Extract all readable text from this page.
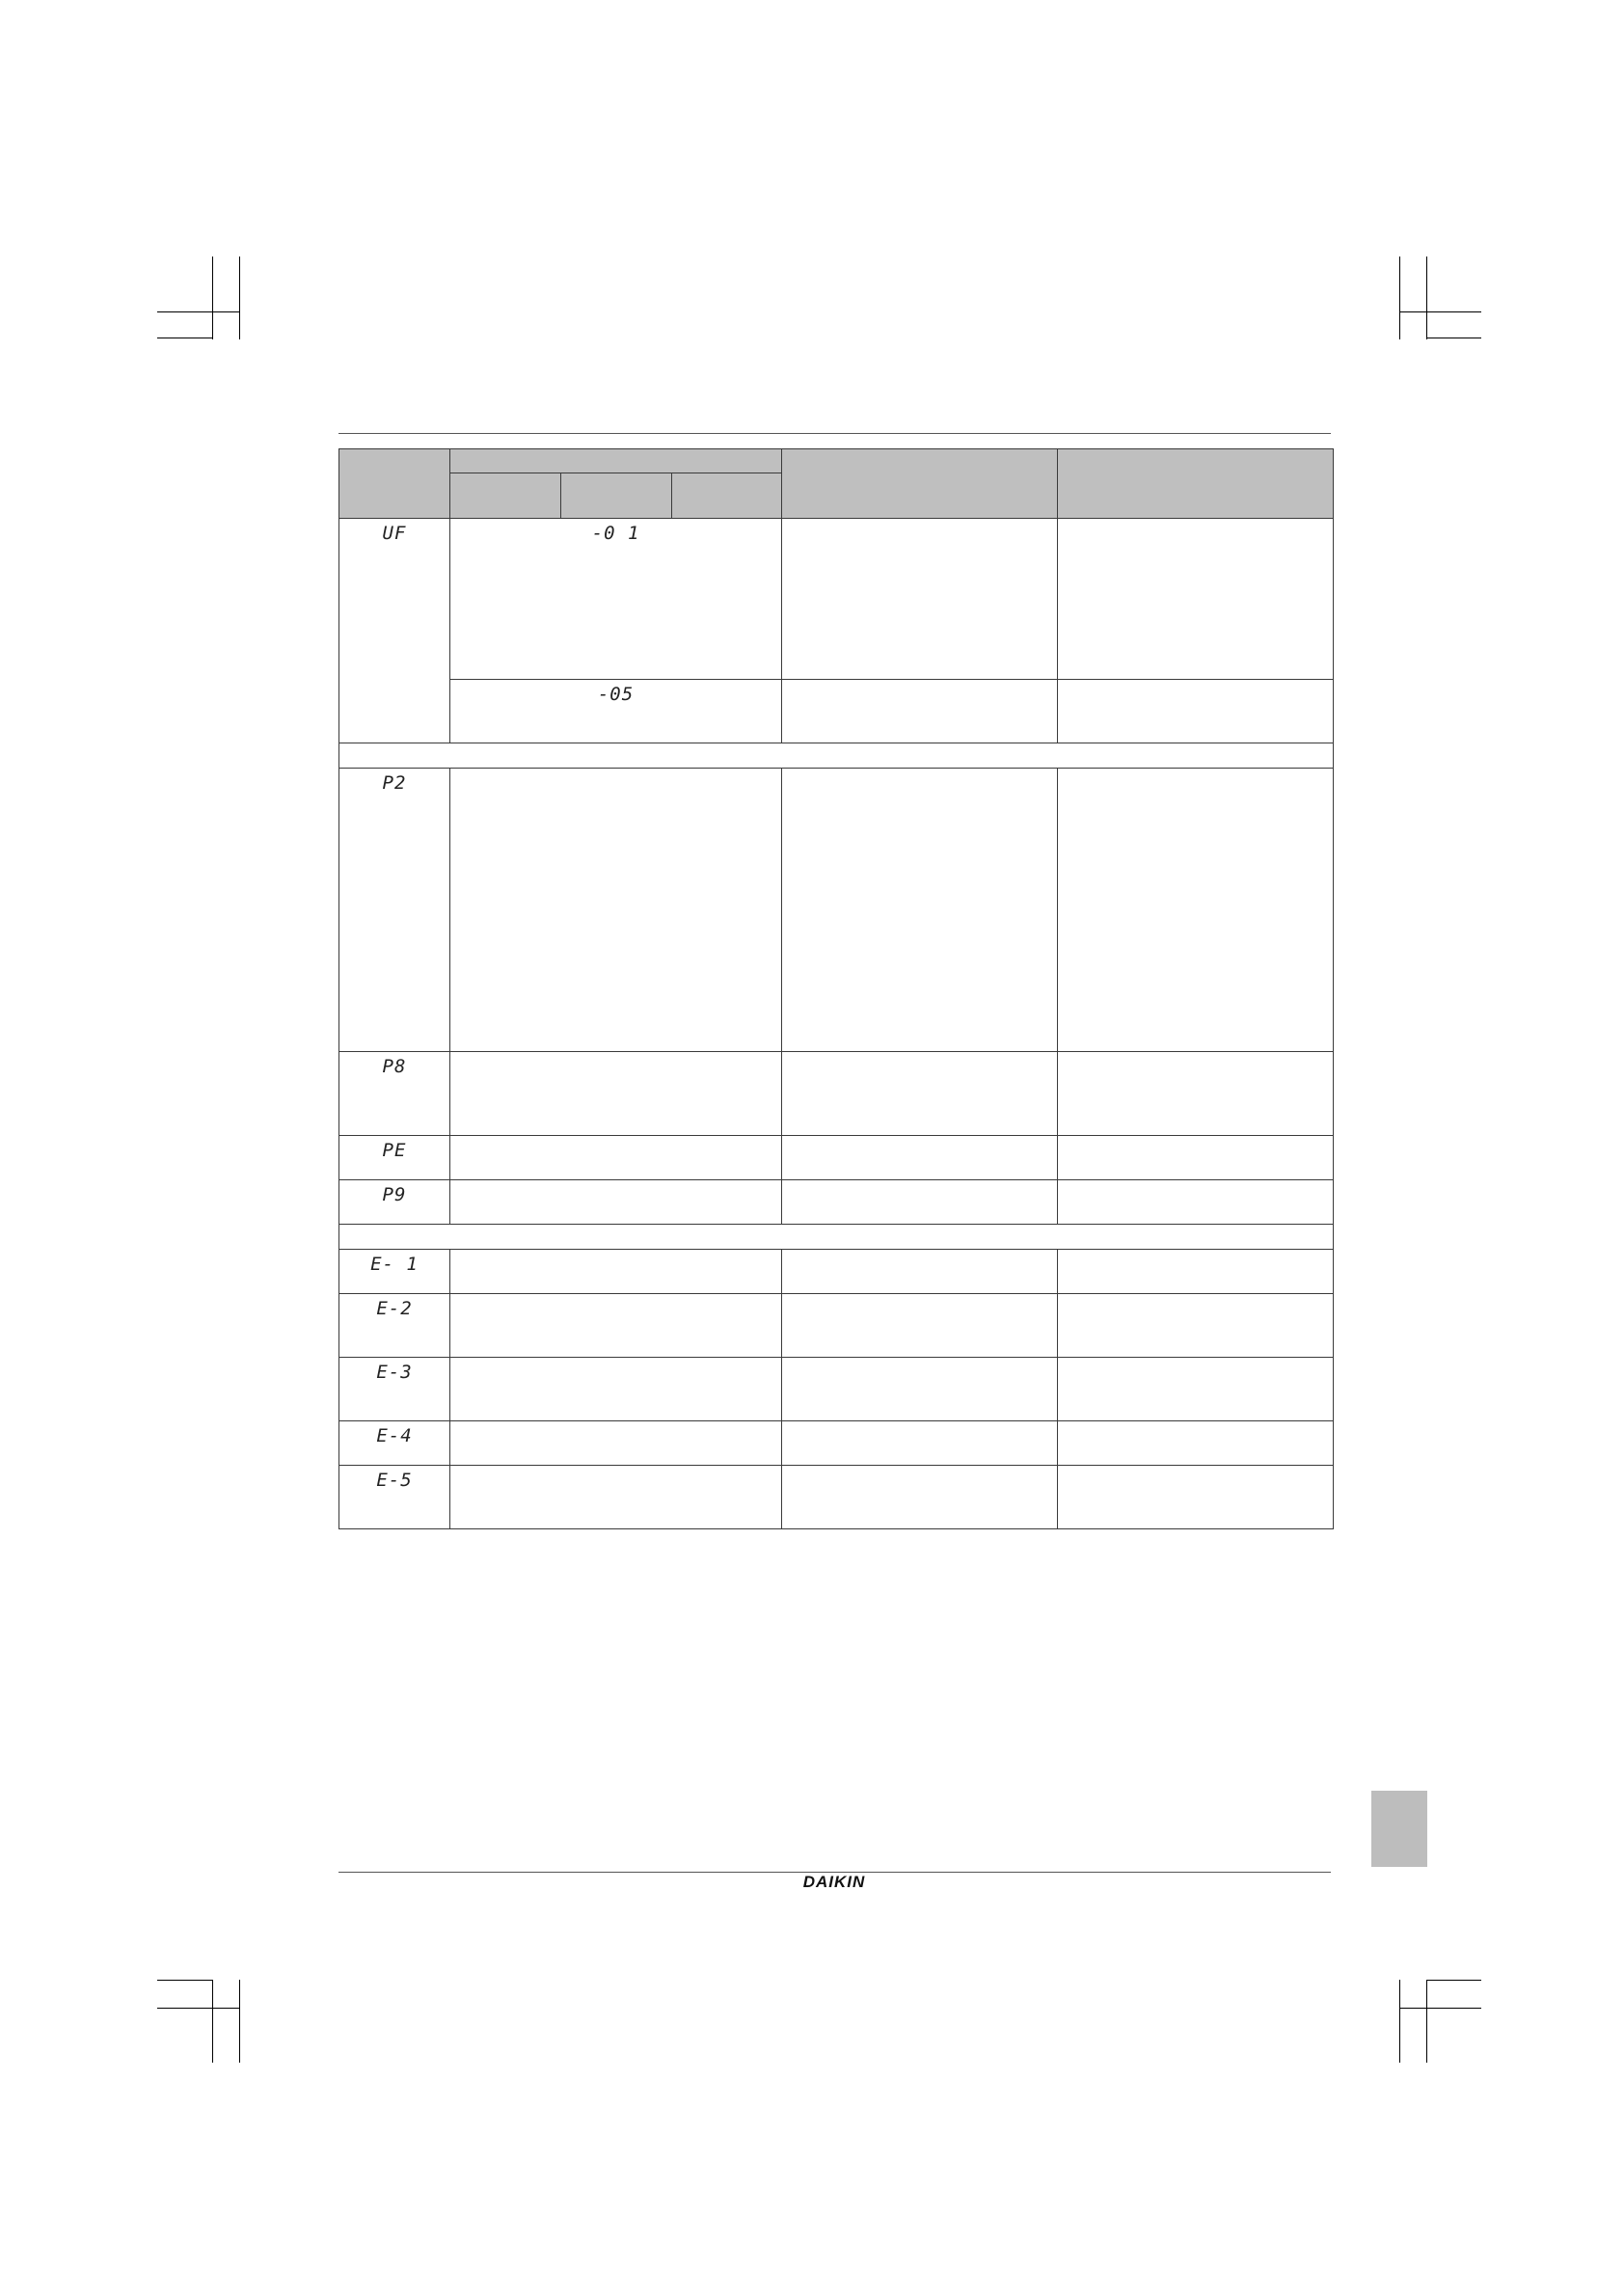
UF	-0 1				
	-05				

P2					
P8					
PE					
P9					

E- 1					
E-2					
E-3					
E-4					
E-5					
DAIKIN
